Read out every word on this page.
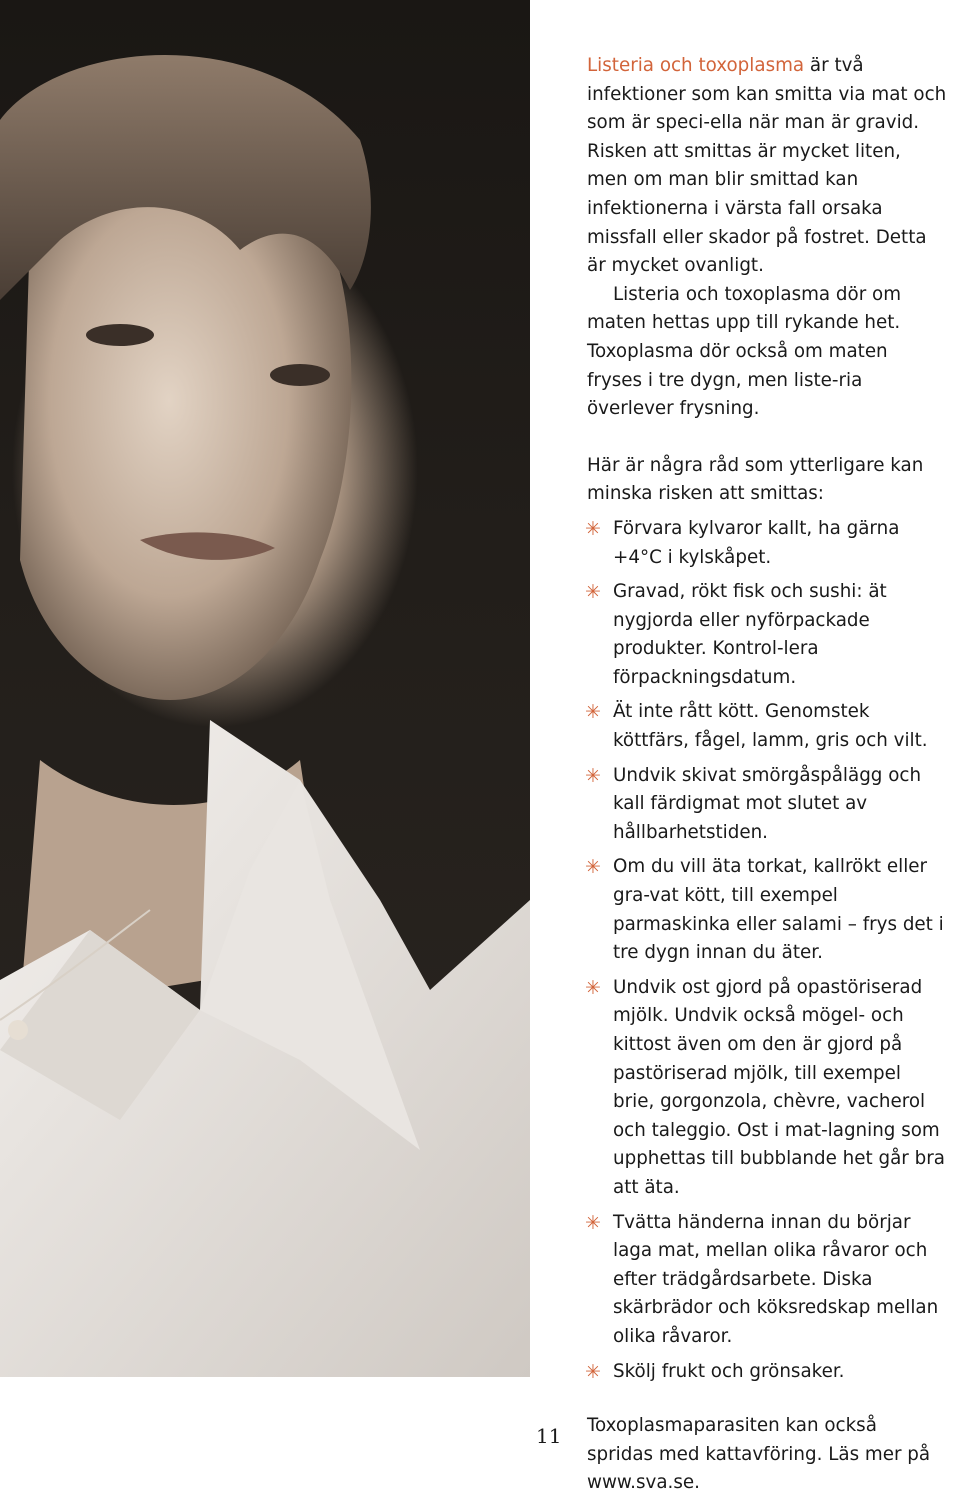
Listeria och toxoplasma är två infektioner som kan smitta via mat och som är speci-ella när man är gravid. Risken att smittas är mycket liten, men om man blir smittad kan infektionerna i värsta fall orsaka missfall eller skador på fostret. Detta är mycket ovanligt.

Listeria och toxoplasma dör om maten hettas upp till rykande het. Toxoplasma dör också om maten fryses i tre dygn, men liste-ria överlever frysning.

Här är några råd som ytterligare kan minska risken att smittas:

✳ Förvara kylvaror kallt, ha gärna +4°C i kylskåpet.
✳ Gravad, rökt fisk och sushi: ät nygjorda eller nyförpackade produkter. Kontrol-lera förpackningsdatum.
✳ Ät inte rått kött. Genomstek köttfärs, fågel, lamm, gris och vilt.
✳ Undvik skivat smörgåspålägg och kall färdigmat mot slutet av hållbarhetstiden.
✳ Om du vill äta torkat, kallrökt eller gra-vat kött, till exempel parmaskinka eller salami – frys det i tre dygn innan du äter.
✳ Undvik ost gjord på opastöriserad mjölk. Undvik också mögel- och kittost även om den är gjord på pastöriserad mjölk, till exempel brie, gorgonzola, chèvre, vacherol och taleggio. Ost i mat-lagning som upphettas till bubblande het går bra att äta.
✳ Tvätta händerna innan du börjar laga mat, mellan olika råvaror och efter trädgårdsarbete. Diska skärbrädor och köksredskap mellan olika råvaror.
✳ Skölj frukt och grönsaker.

Toxoplasmaparasiten kan också spridas med kattavföring. Läs mer på www.sva.se.

11
